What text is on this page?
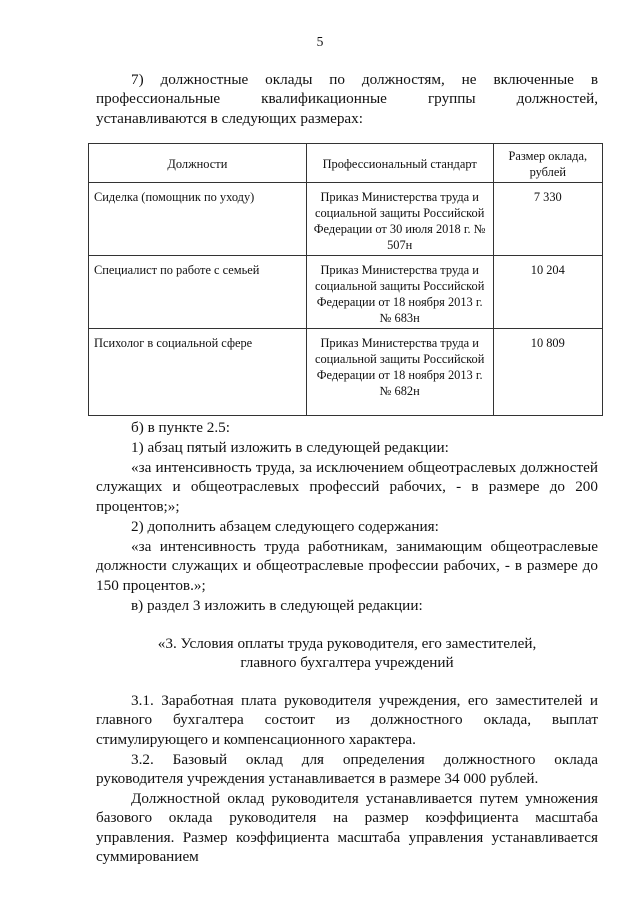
5

7) должностные оклады по должностям, не включенные в профессиональные квалификационные группы должностей, устанавливаются в следующих размерах:

Должности	Профессиональный стандарт	Размер оклада, рублей
Сиделка (помощник по уходу)	Приказ Министерства труда и социальной защиты Российской Федерации от 30 июля 2018 г. № 507н	7 330
Специалист по работе с семьей	Приказ Министерства труда и социальной защиты Российской Федерации от 18 ноября 2013 г. № 683н	10 204
Психолог в социальной сфере	Приказ Министерства труда и социальной защиты Российской Федерации от 18 ноября 2013 г. № 682н	10 809

б) в пункте 2.5:

1) абзац пятый изложить в следующей редакции:

«за интенсивность труда, за исключением общеотраслевых должностей служащих и общеотраслевых профессий рабочих, - в размере до 200 процентов;»;

2) дополнить абзацем следующего содержания:

«за интенсивность труда работникам, занимающим общеотраслевые должности служащих и общеотраслевые профессии рабочих, - в размере до 150 процентов.»;

в) раздел 3 изложить в следующей редакции:

«3. Условия оплаты труда руководителя, его заместителей,

главного бухгалтера учреждений

3.1. Заработная плата руководителя учреждения, его заместителей и главного бухгалтера состоит из должностного оклада, выплат стимулирующего и компенсационного характера.

3.2. Базовый оклад для определения должностного оклада руководителя учреждения устанавливается в размере 34 000 рублей.

Должностной оклад руководителя устанавливается путем умножения базового оклада руководителя на размер коэффициента масштаба управления. Размер коэффициента масштаба управления устанавливается суммированием
